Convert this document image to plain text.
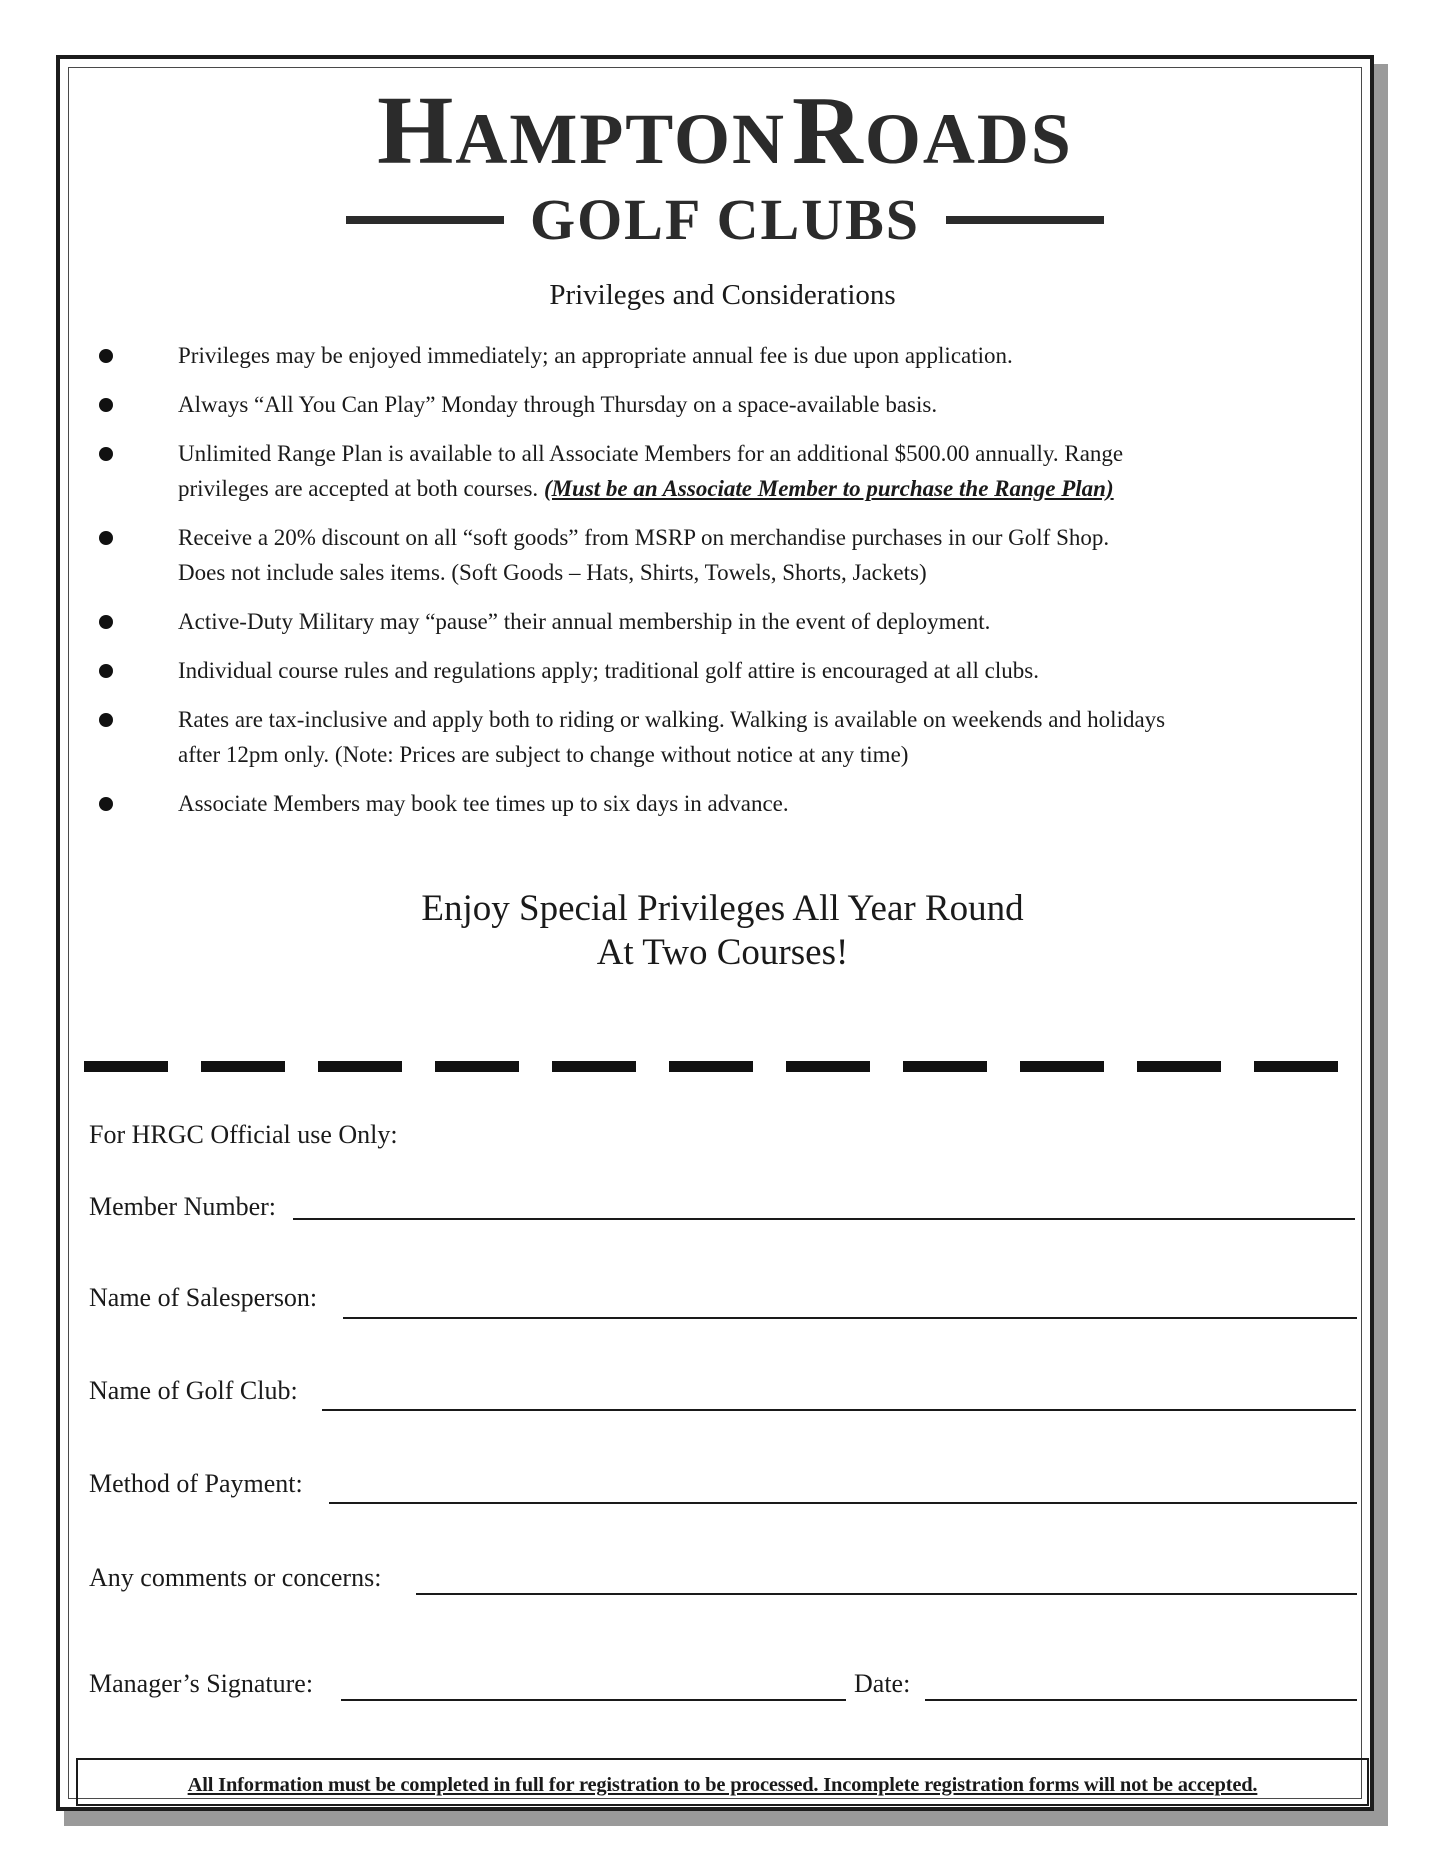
HAMPTON ROADS
GOLF CLUBS
Privileges and Considerations
Privileges may be enjoyed immediately; an appropriate annual fee is due upon application.
Always “All You Can Play” Monday through Thursday on a space-available basis.
Unlimited Range Plan is available to all Associate Members for an additional $500.00 annually. Range
privileges are accepted at both courses. (Must be an Associate Member to purchase the Range Plan)
Receive a 20% discount on all “soft goods” from MSRP on merchandise purchases in our Golf Shop.
Does not include sales items. (Soft Goods – Hats, Shirts, Towels, Shorts, Jackets)
Active-Duty Military may “pause” their annual membership in the event of deployment.
Individual course rules and regulations apply; traditional golf attire is encouraged at all clubs.
Rates are tax-inclusive and apply both to riding or walking. Walking is available on weekends and holidays
after 12pm only. (Note: Prices are subject to change without notice at any time)
Associate Members may book tee times up to six days in advance.
Enjoy Special Privileges All Year Round
At Two Courses!
For HRGC Official use Only:
Member Number:
Name of Salesperson:
Name of Golf Club:
Method of Payment:
Any comments or concerns:
Manager’s Signature:	Date:
All Information must be completed in full for registration to be processed. Incomplete registration forms will not be accepted.
